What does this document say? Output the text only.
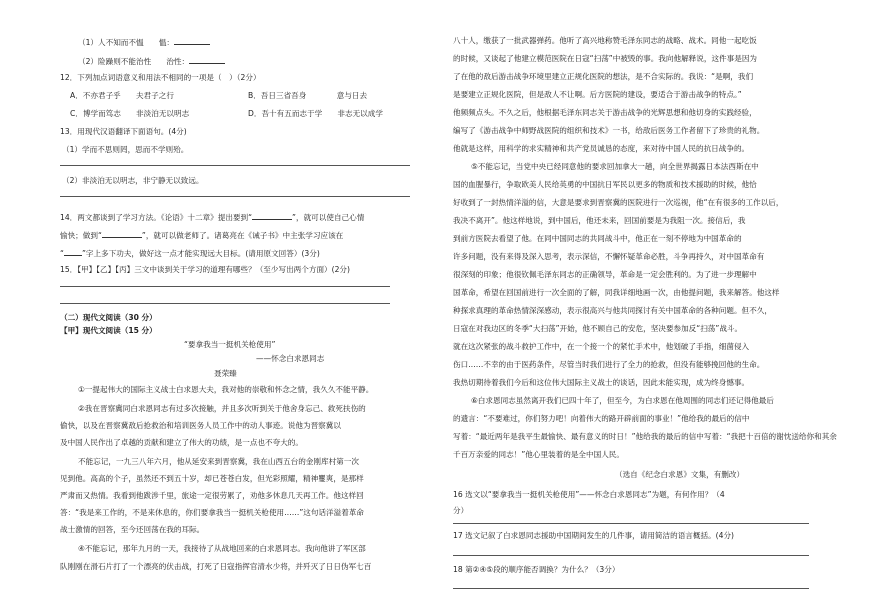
（1）人不知而不愠　　愠：
（2）险躁则不能治性　　治性：
12．下列加点词语意义和用法不相同的一项是（　）（2分）
A．不亦君子乎　　夫君子之行	B．吾日三省吾身　　　　意与日去
C．博学而笃志　　非淡泊无以明志	D．吾十有五而志于学　　非志无以成学
13．用现代汉语翻译下面语句。(4分)
（1）学而不思则罔，思而不学则殆。
（2）非淡泊无以明志，非宁静无以致远。
14．两文都谈到了学习方法。《论语》十二章》提出要到“	”，就可以使自己心情
愉快；做到“	”，就可以做老师了。诸葛亮在《诫子书》中主张学习应该在
“ ”字上多下功夫，做好这一点才能实现远大目标。(请用原文回答）(3分)
15．【甲】【乙】【丙】三文中谈到关于学习的道理有哪些？（至少写出两个方面）(2分)
（二）现代文阅读（30 分）
【甲】现代文阅读（15 分）
“要拿我当一挺机关枪使用”
——怀念白求恩同志
聂荣臻
①一提起伟大的国际主义战士白求恩大夫，我对他的崇敬和怀念之情，我久久不能平静。
②我在晋察冀同白求恩同志有过多次接触，并且多次听到关于他舍身忘己、救死扶伤的
偷快，以及在晋察冀敌后抢救治和培训医务人员工作中的动人事迹。说他为晋察冀以
及中国人民作出了卓越的贡献和建立了伟大的功绩，是一点也不夸大的。
不能忘记，一九三八年六月，他从延安来到晋察冀，我在山西五台的金刚库村第一次
见到他。高高的个子，虽然还不到五十岁，却已苍苍白发，但光彩照耀，精神矍爽，是那样
严肃而又热情。我看到他跋涉千里，旅途一定很劳累了，劝他多休息几天再工作。他这样回
答：“我是来工作的，不是来休息的，你们要拿我当一挺机关枪使用……”这句话洋溢着革命
战士激情的回答，至今还回荡在我的耳际。
④不能忘记，那年九月的一天，我接待了从战地回来的白求恩同志。我向他讲了军区部
队刚刚在滑石片打了一个漂亮的伏击战，打死了日寇指挥官清水少将，并歼灭了日日伪军七百
八十人，缴获了一批武器弹药。他听了高兴地称赞毛泽东同志的战略、战术。同他一起吃饭
的时候，又谈起了他建立模范医院在日寇“扫荡”中被毁的事。我向他解释说，这件事是因为
了在他的敌后游击战争环境里建立正规化医院的想法，是不合实际的。我说：“是啊，我们
是要建立正规化医院，但是敌人不让啊。后方医院的建设，要适合于游击战争的特点。”
他频频点头。不久之后，他根据毛泽东同志关于游击战争的光辉思想和他切身的实践经验，
编写了《游击战争中师野战医院的组织和技术》一书，给敌后医务工作者留下了珍贵的礼物。
他就是这样，用科学的求实精神和共产党员诚恳的态度，来对待中国人民的抗日战争的。
⑤不能忘记，当党中央已经同意他的要求回加拿大一趟，向全世界揭露日本法西斯在中
国的血腥暴行，争取欧美人民给英勇的中国抗日军民以更多的物质和技术援助的时候，他恰
好收到了一封热情洋溢的信，大意是要求到晋察冀的医院进行一次巡视，他“在有很多的工作以后，
我决不离开”。他这样地说，到中国后，他还未来，回国前要是为我阻一次。接信后，我
到前方医院去看望了他。在同中国同志的共同战斗中，他正在一刻不停地为中国革命的
许多问题，没有来得及深入思考，表示深信，不懈怀疑革命必胜，斗争再持久，对中国革命有
很深刻的印象；他很钦佩毛泽东同志的正确领导，革命是一定会胜利的。为了进一步理解中
国革命，希望在回国前进行一次全面的了解，同我详细地画一次，由他提问题，我来解答。他这样
种探求真理的革命热情深深感动，表示很高兴与他共同探讨有关中国革命的各种问题。但不久，
日寇在对我边区的冬季“大扫荡”开始，他不顾自己的安危，坚决要参加反“扫荡”战斗。
就在这次紧张的战斗救护工作中，在一个接一个的紧忙手术中，他划破了手指，细菌侵入
伤口……不幸的由于医药条件，尽管当时我们进行了全力的抢救，但没有能够挽回他的生命。
我热切期待着我们今后和这位伟大国际主义战士的谈话，因此未能实现，成为终身憾事。
⑥白求恩同志虽然离开我们已四十年了，但至今，为白求恩在他周围的同志们还记得他最后
的遗言：“不要难过，你们努力吧！向着伟大的路开辟前面的事业！”他给我的最后的信中
写着：“最近两年是我平生最愉快、最有意义的时日！”他给我的最后的信中写着：“我把十百倍的谢忱送给你和其余
千百万亲爱的同志！”他心里装着的是全中国人民。
（选自《纪念白求恩》文集，有删改）
16 选文以“要拿我当一挺机关枪使用”——怀念白求恩同志”为题，有何作用？（4
分）
17 选文记叙了白求恩同志援助中国期间发生的几件事，请用简洁的语言概括。(4分)
18 第②④⑤段的顺序能否调换？为什么？（3分）
